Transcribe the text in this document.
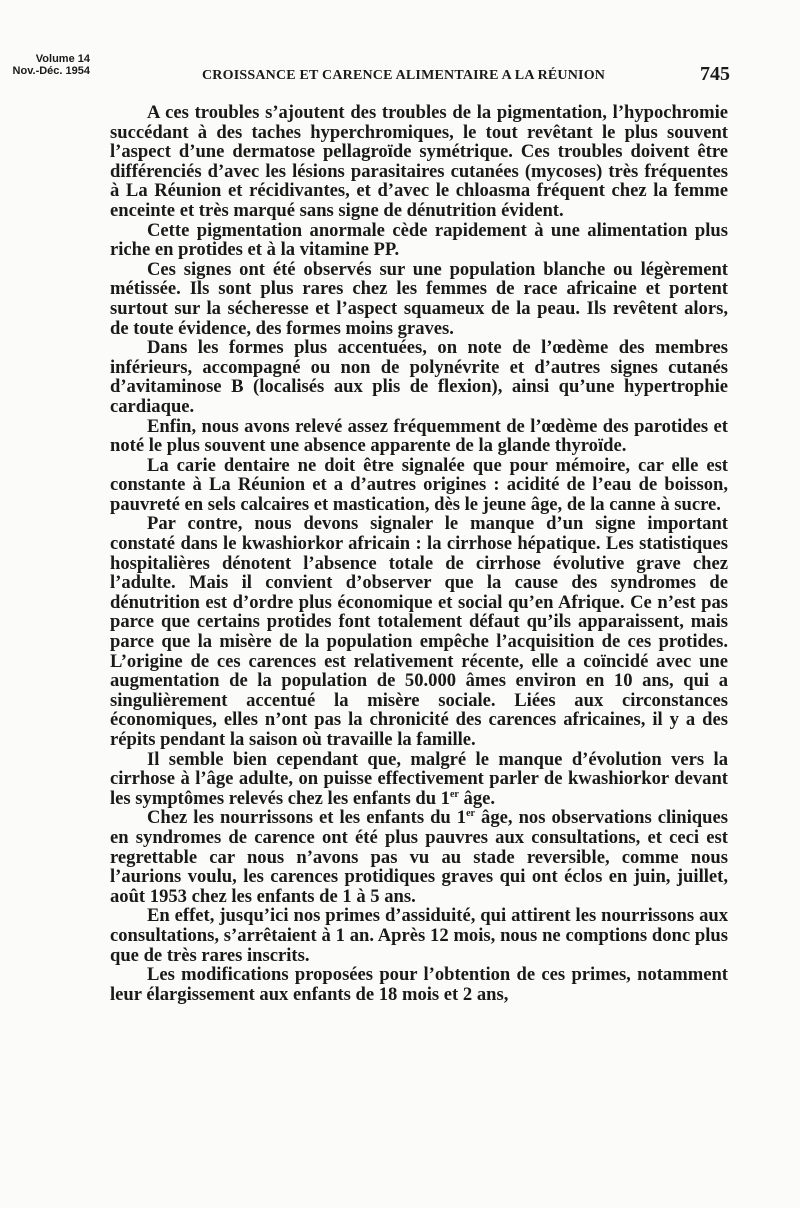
Volume 14
Nov.-Déc. 1954	CROISSANCE ET CARENCE ALIMENTAIRE A LA RÉUNION	745

A ces troubles s’ajoutent des troubles de la pigmentation, l’hypochromie succédant à des taches hyperchromiques, le tout revêtant le plus souvent l’aspect d’une dermatose pellagroïde symétrique. Ces troubles doivent être différenciés d’avec les lésions parasitaires cutanées (mycoses) très fréquentes à La Réunion et récidivantes, et d’avec le chloasma fréquent chez la femme enceinte et très marqué sans signe de dénutrition évident.

Cette pigmentation anormale cède rapidement à une alimentation plus riche en protides et à la vitamine PP.

Ces signes ont été observés sur une population blanche ou légèrement métissée. Ils sont plus rares chez les femmes de race africaine et portent surtout sur la sécheresse et l’aspect squameux de la peau. Ils revêtent alors, de toute évidence, des formes moins graves.

Dans les formes plus accentuées, on note de l’œdème des membres inférieurs, accompagné ou non de polynévrite et d’autres signes cutanés d’avitaminose B (localisés aux plis de flexion), ainsi qu’une hypertrophie cardiaque.

Enfin, nous avons relevé assez fréquemment de l’œdème des parotides et noté le plus souvent une absence apparente de la glande thyroïde.

La carie dentaire ne doit être signalée que pour mémoire, car elle est constante à La Réunion et a d’autres origines : acidité de l’eau de boisson, pauvreté en sels calcaires et mastication, dès le jeune âge, de la canne à sucre.

Par contre, nous devons signaler le manque d’un signe important constaté dans le kwashiorkor africain : la cirrhose hépatique. Les statistiques hospitalières dénotent l’absence totale de cirrhose évolutive grave chez l’adulte. Mais il convient d’observer que la cause des syndromes de dénutrition est d’ordre plus économique et social qu’en Afrique. Ce n’est pas parce que certains protides font totalement défaut qu’ils apparaissent, mais parce que la misère de la population empêche l’acquisition de ces protides. L’origine de ces carences est relativement récente, elle a coïncidé avec une augmentation de la population de 50.000 âmes environ en 10 ans, qui a singulièrement accentué la misère sociale. Liées aux circonstances économiques, elles n’ont pas la chronicité des carences africaines, il y a des répits pendant la saison où travaille la famille.

Il semble bien cependant que, malgré le manque d’évolution vers la cirrhose à l’âge adulte, on puisse effectivement parler de kwashiorkor devant les symptômes relevés chez les enfants du 1er âge.

Chez les nourrissons et les enfants du 1er âge, nos observations cliniques en syndromes de carence ont été plus pauvres aux consultations, et ceci est regrettable car nous n’avons pas vu au stade reversible, comme nous l’aurions voulu, les carences protidiques graves qui ont éclos en juin, juillet, août 1953 chez les enfants de 1 à 5 ans.

En effet, jusqu’ici nos primes d’assiduité, qui attirent les nourrissons aux consultations, s’arrêtaient à 1 an. Après 12 mois, nous ne comptions donc plus que de très rares inscrits.

Les modifications proposées pour l’obtention de ces primes, notamment leur élargissement aux enfants de 18 mois et 2 ans,
